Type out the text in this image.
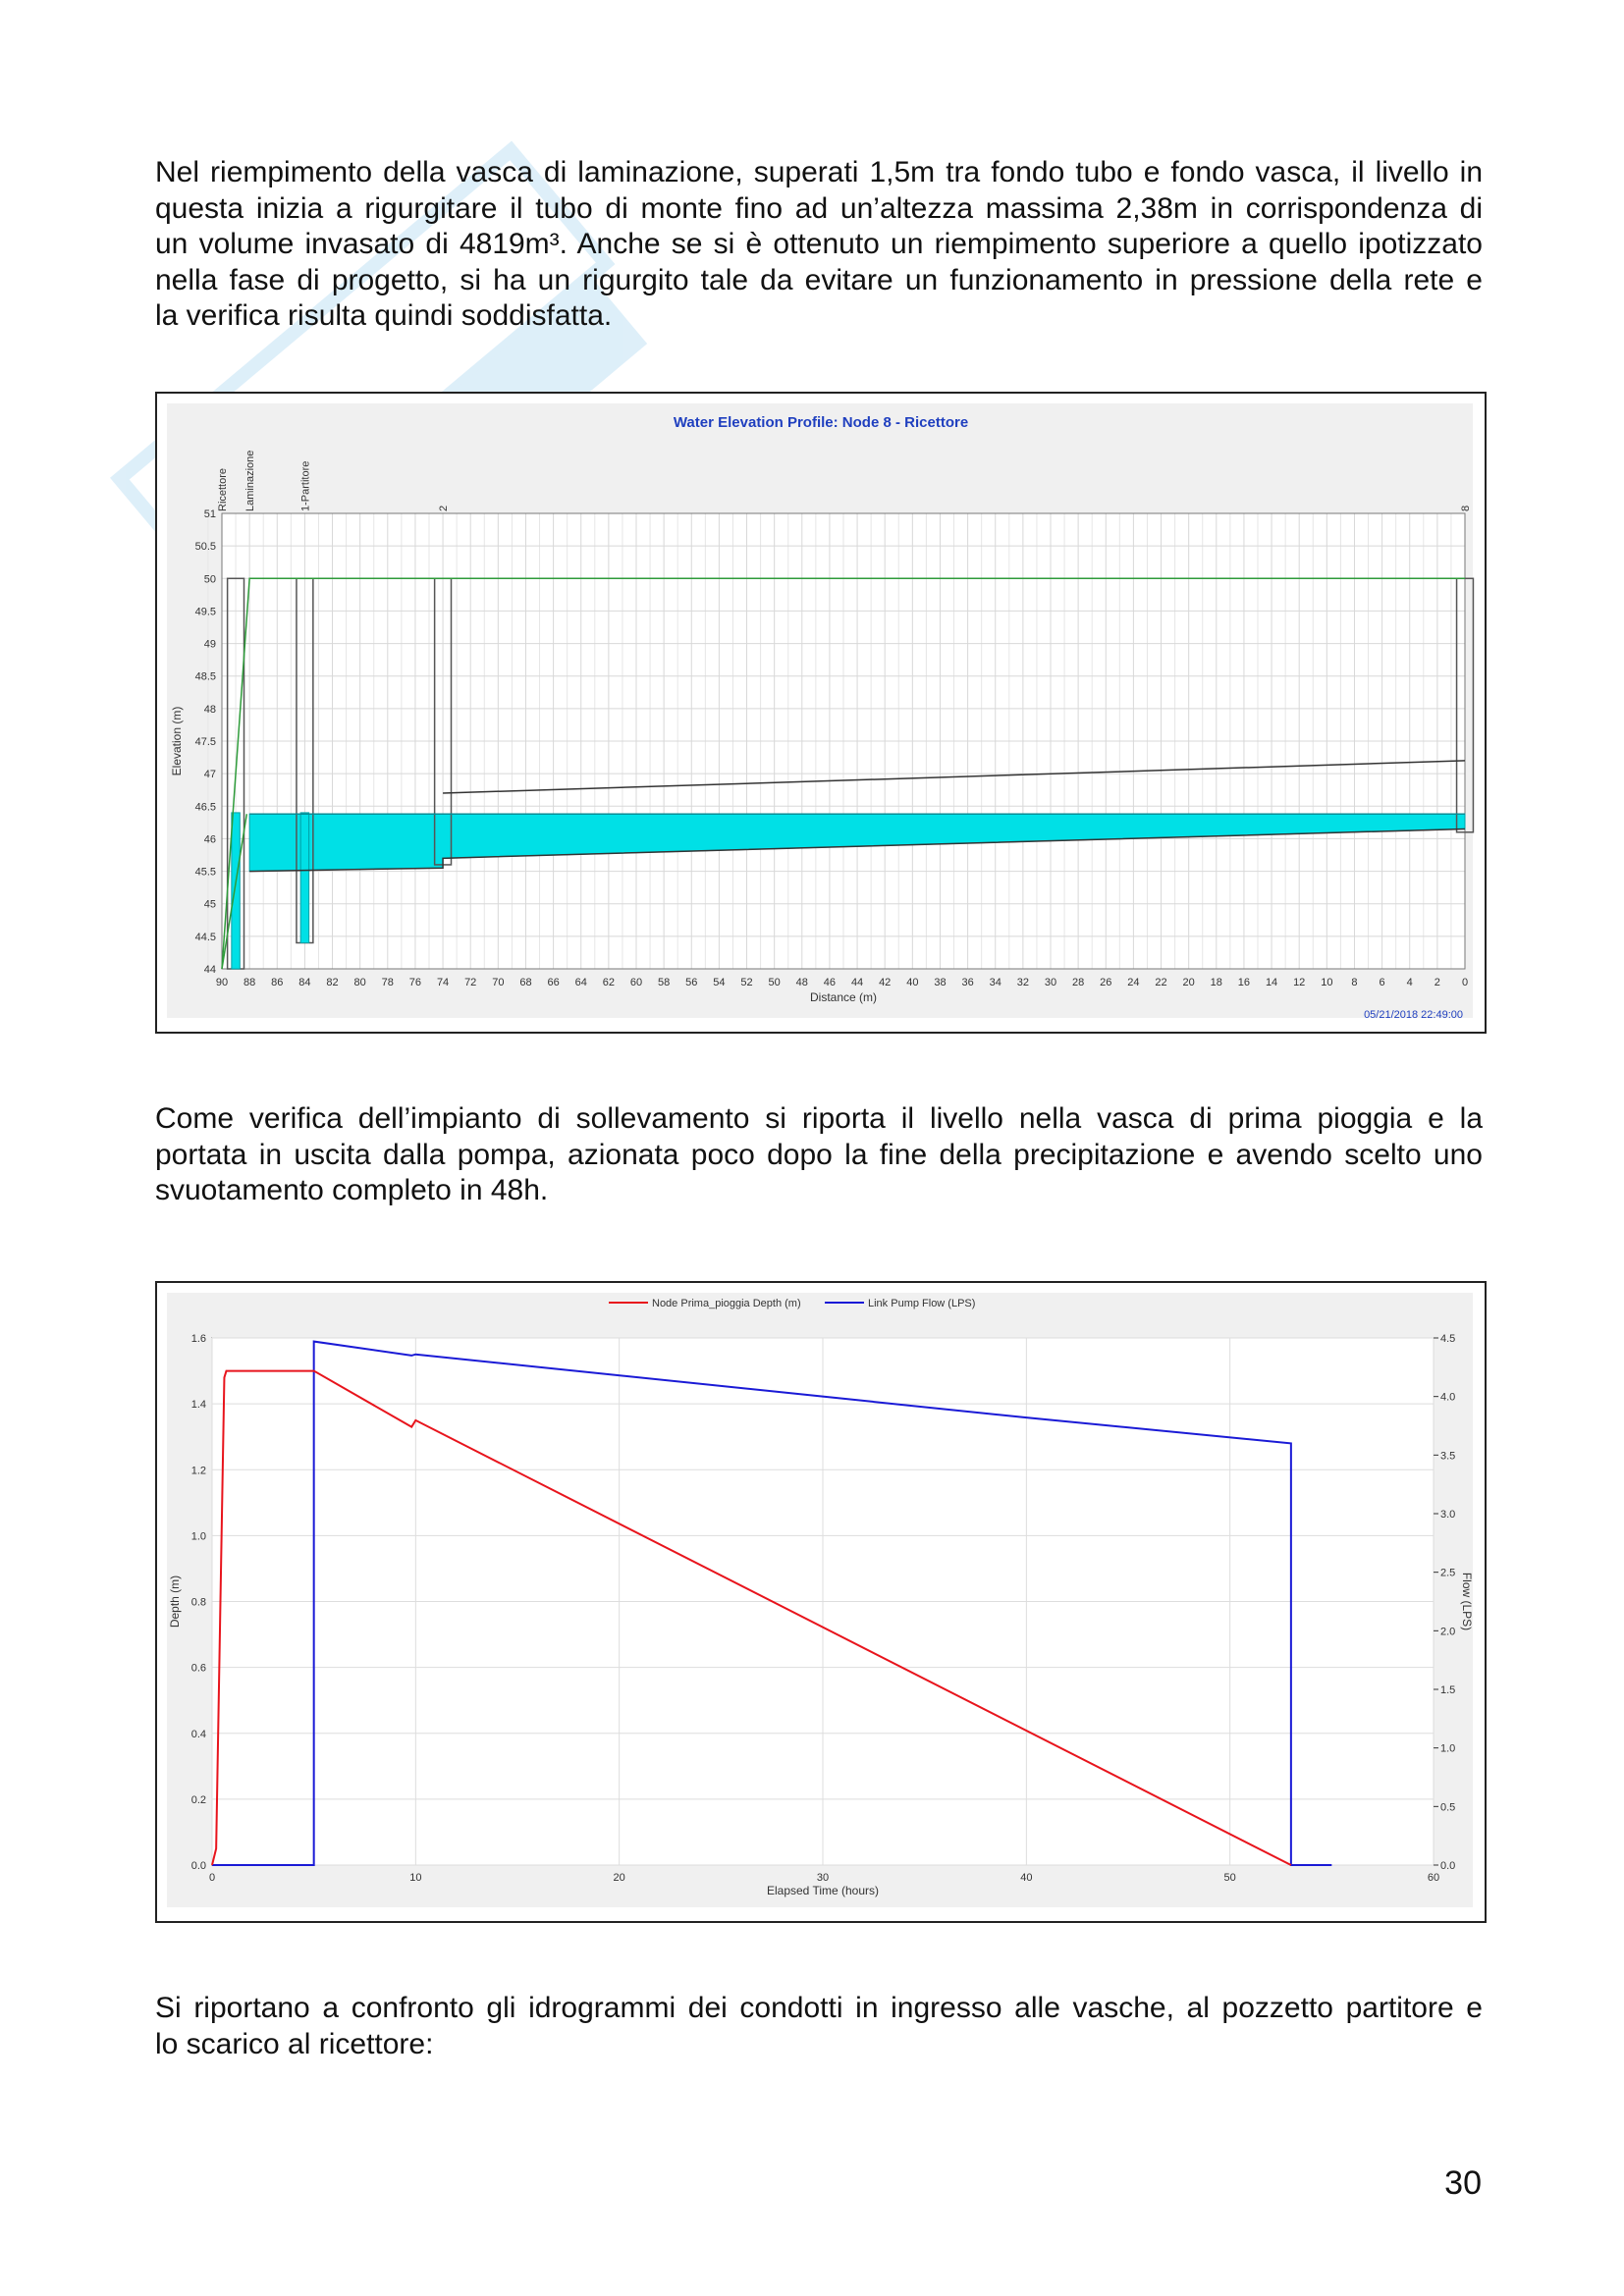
Nel riempimento della vasca di laminazione, superati 1,5m tra fondo tubo e fondo vasca, il livello in
questa inizia a rigurgitare il tubo di monte fino ad un’altezza massima 2,38m in corrispondenza di
un volume invasato di 4819m³. Anche se si è ottenuto un riempimento superiore a quello ipotizzato
nella fase di progetto, si ha un rigurgito tale da evitare un funzionamento in pressione della rete e
la verifica risulta quindi soddisfatta.

44
44.5
45
45.5
46
46.5
47
47.5
48
48.5
49
49.5
50
50.5
51
90 88 86 84 82 80 78 76 74 72 70 68 66 64 62 60 58 56 54 52 50 48 46 44 42 40 38 36 34 32 30 28 26 24 22 20 18 16 14 12 10 8 6 4 2 0
Ricettore Laminazione	1-Partitore	2	8
Water Elevation Profile: Node 8 - Ricettore
Distance (m)
Elevation (m)
05/21/2018 22:49:00

Come verifica dell’impianto di sollevamento si riporta il livello nella vasca di prima pioggia e la
portata in uscita dalla pompa, azionata poco dopo la fine della precipitazione e avendo scelto uno
svuotamento completo in 48h.

0	10	20	30	40	50	60
0.0
0.2
0.4
0.6
0.8
1.0
1.2
1.4
1.6
0.0
0.5
1.0
1.5
2.0
2.5
3.0
3.5
4.0
4.5
Node Prima_pioggia Depth (m)	Link Pump Flow (LPS)
Elapsed Time (hours)
Depth (m)	Flow (LPS)

Si riportano a confronto gli idrogrammi dei condotti in ingresso alle vasche, al pozzetto partitore e
lo scarico al ricettore:

30
